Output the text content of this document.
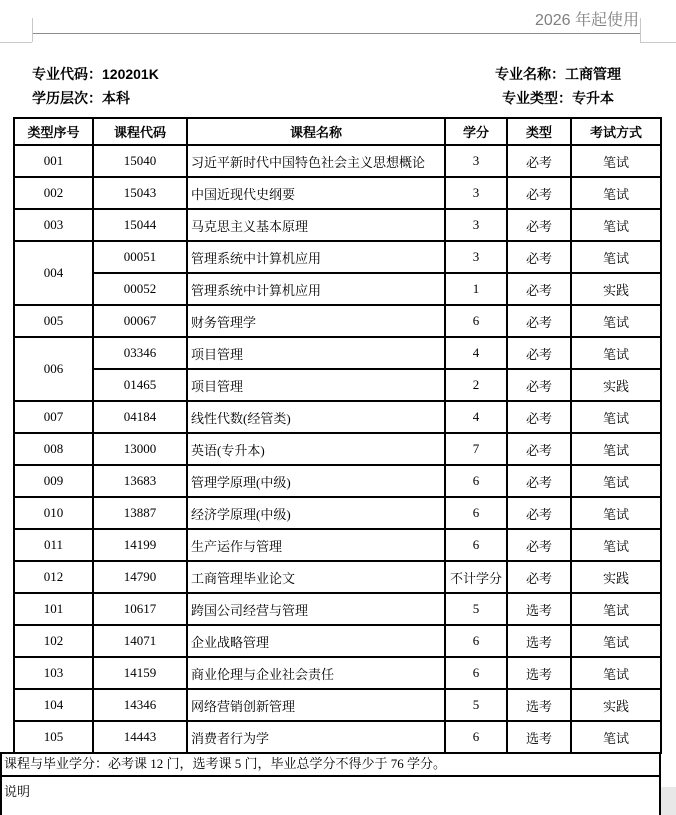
2026 年起使用
专业代码：120201K	专业名称：工商管理
学历层次：本科	专业类型：专升本
类型序号	课程代码	课程名称	学分	类型	考试方式
001	15040	习近平新时代中国特色社会主义思想概论	3	必考	笔试
002	15043	中国近现代史纲要	3	必考	笔试
003	15044	马克思主义基本原理	3	必考	笔试
004	00051	管理系统中计算机应用	3	必考	笔试
	00052	管理系统中计算机应用	1	必考	实践
005	00067	财务管理学	6	必考	笔试
006	03346	项目管理	4	必考	笔试
	01465	项目管理	2	必考	实践
007	04184	线性代数(经管类)	4	必考	笔试
008	13000	英语(专升本)	7	必考	笔试
009	13683	管理学原理(中级)	6	必考	笔试
010	13887	经济学原理(中级)	6	必考	笔试
011	14199	生产运作与管理	6	必考	笔试
012	14790	工商管理毕业论文	不计学分	必考	实践
101	10617	跨国公司经营与管理	5	选考	笔试
102	14071	企业战略管理	6	选考	笔试
103	14159	商业伦理与企业社会责任	6	选考	笔试
104	14346	网络营销创新管理	5	选考	实践
105	14443	消费者行为学	6	选考	笔试
课程与毕业学分：必考课 12 门，选考课 5 门，毕业总学分不得少于 76 学分。
说明
